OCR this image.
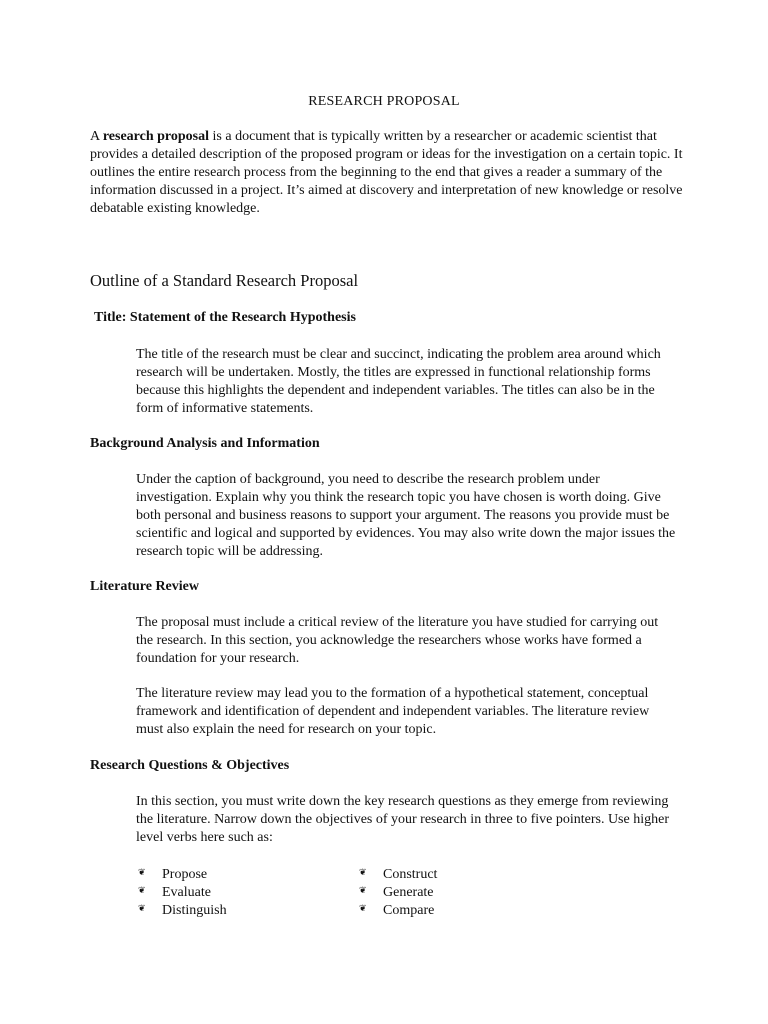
RESEARCH PROPOSAL

A research proposal is a document that is typically written by a researcher or academic scientist that provides a detailed description of the proposed program or ideas for the investigation on a certain topic. It outlines the entire research process from the beginning to the end that gives a reader a summary of the information discussed in a project. It’s aimed at discovery and interpretation of new knowledge or resolve debatable existing knowledge.

Outline of a Standard Research Proposal
Title: Statement of the Research Hypothesis

The title of the research must be clear and succinct, indicating the problem area around which research will be undertaken. Mostly, the titles are expressed in functional relationship forms because this highlights the dependent and independent variables. The titles can also be in the form of informative statements.

Background Analysis and Information

Under the caption of background, you need to describe the research problem under investigation. Explain why you think the research topic you have chosen is worth doing. Give both personal and business reasons to support your argument. The reasons you provide must be scientific and logical and supported by evidences. You may also write down the major issues the research topic will be addressing.

Literature Review

The proposal must include a critical review of the literature you have studied for carrying out the research. In this section, you acknowledge the researchers whose works have formed a foundation for your research.

The literature review may lead you to the formation of a hypothetical statement, conceptual framework and identification of dependent and independent variables. The literature review must also explain the need for research on your topic.

Research Questions & Objectives

In this section, you must write down the key research questions as they emerge from reviewing the literature. Narrow down the objectives of your research in three to five pointers. Use higher level verbs here such as:

❦ Propose
❦ Evaluate
❦ Distinguish
❦ Construct
❦ Generate
❦ Compare
